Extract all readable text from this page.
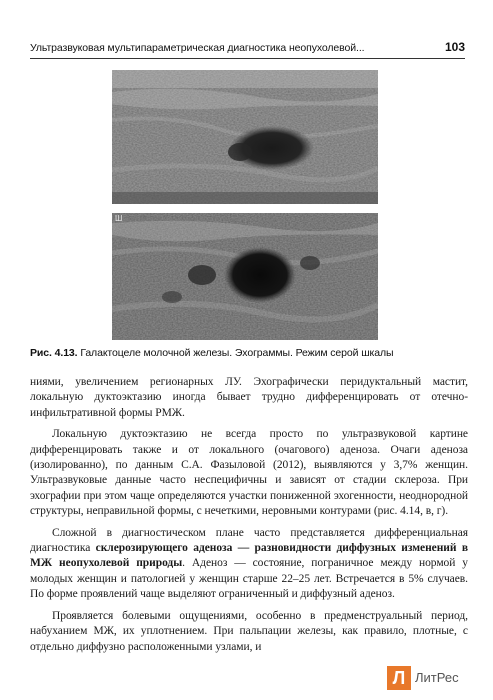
Ультразвуковая мультипараметрическая диагностика неопухолевой...	103
Ш
Рис. 4.13. Галактоцеле молочной железы. Эхограммы. Режим серой шкалы

ниями, увеличением регионарных ЛУ. Эхографически перидуктальный мастит, локальную дуктоэктазию иногда бывает трудно дифференцировать от отечно-инфильтративной формы РМЖ.

Локальную дуктоэктазию не всегда просто по ультразвуковой картине дифференцировать также и от локального (очагового) аденоза. Очаги аденоза (изолированно), по данным С.А. Фазыловой (2012), выявляются у 3,7% женщин. Ультразвуковые данные часто неспецифичны и зависят от стадии склероза. При эхографии при этом чаще определяются участки пониженной эхогенности, неоднородной структуры, неправильной формы, с нечеткими, неровными контурами (рис. 4.14, в, г).

Сложной в диагностическом плане часто представляется дифференциальная диагностика склерозирующего аденоза — разновидности диффузных изменений в МЖ неопухолевой природы. Аденоз — состояние, пограничное между нормой у молодых женщин и патологией у женщин старше 22–25 лет. Встречается в 5% случаев. По форме проявлений чаще выделяют ограниченный и диффузный аденоз.

Проявляется болевыми ощущениями, особенно в предменструальный период, набуханием МЖ, их уплотнением. При пальпации железы, как правило, плотные, с отдельно диффузно расположенными узлами, и

Л ЛитРес
